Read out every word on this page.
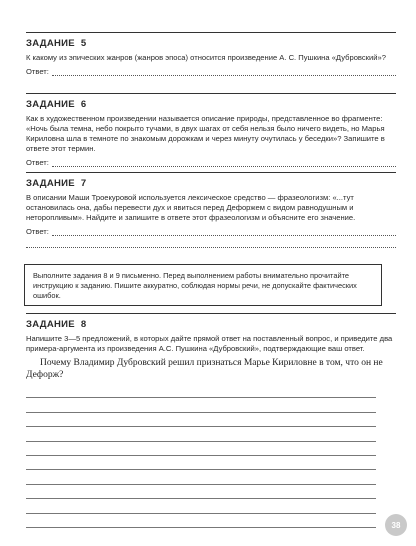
ЗАДАНИЕ 5

К какому из эпических жанров (жанров эпоса) относится произведение А. С. Пушкина «Дубровский»?

Ответ:

ЗАДАНИЕ 6

Как в художественном произведении называется описание природы, представленное во фрагменте: «Ночь была темна, небо покрыто тучами, в двух шагах от себя нельзя было ничего видеть, но Марья Кириловна шла в темноте по знакомым дорожкам и через минуту очутилась у беседки»? Запишите в ответе этот термин.

Ответ:

ЗАДАНИЕ 7

В описании Маши Троекуровой используется лексическое средство — фразеологизм: «...тут остановилась она, дабы перевести дух и явиться перед Дефоржем с видом равнодушным и неторопливым». Найдите и запишите в ответе этот фразеологизм и объясните его значение.

Ответ:

Выполните задания 8 и 9 письменно. Перед выполнением работы внимательно прочитайте инструкцию к заданию. Пишите аккуратно, соблюдая нормы речи, не допускайте фактических ошибок.

ЗАДАНИЕ 8

Напишите 3—5 предложений, в которых дайте прямой ответ на поставленный вопрос, и приведите два примера-аргумента из произведения А.С. Пушкина «Дубровский», подтверждающие ваш ответ.

Почему Владимир Дубровский решил признаться Марье Кириловне в том, что он не Дефорж?

38
